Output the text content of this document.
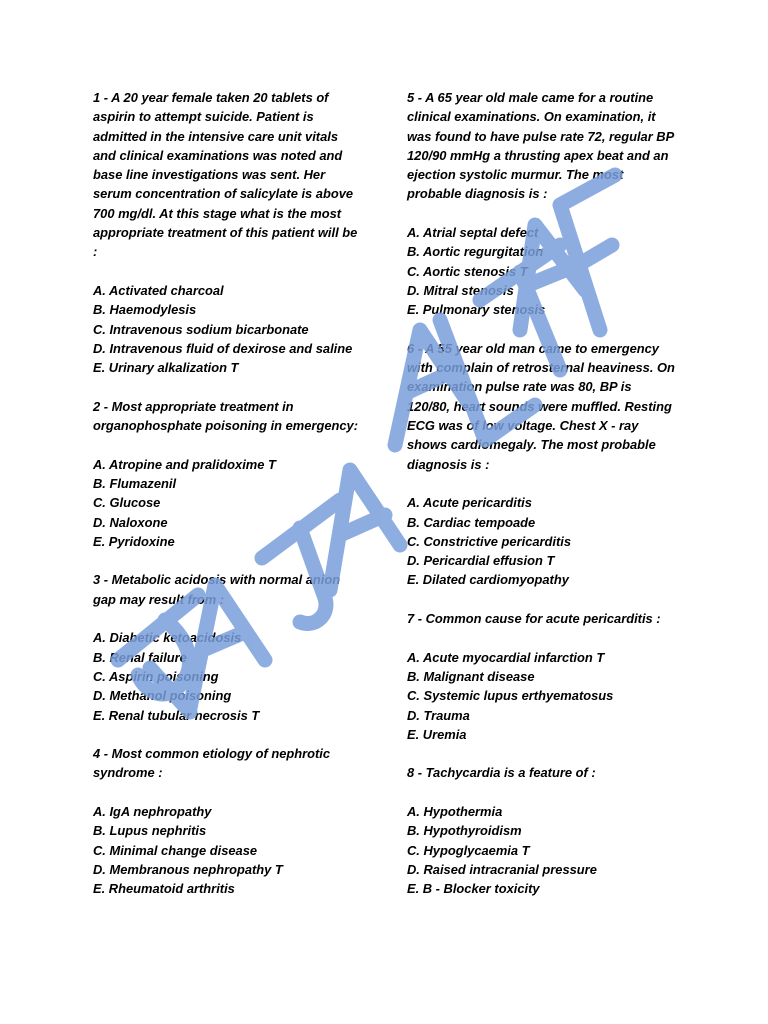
1 - A 20 year female taken 20 tablets of aspirin to attempt suicide. Patient is admitted in the intensive care unit vitals and clinical examinations was noted and base line investigations was sent. Her serum concentration of salicylate is above 700 mg/dl. At this stage what is the most appropriate treatment of this patient will be :

A. Activated charcoal

B. Haemodylesis

C. Intravenous sodium bicarbonate

D. Intravenous fluid of dexirose and saline

E. Urinary alkalization T

2 - Most appropriate treatment in organophosphate poisoning in emergency:

A. Atropine and pralidoxime T

B. Flumazenil

C. Glucose

D. Naloxone

E. Pyridoxine

3 - Metabolic acidosis with normal anion gap may result from :

A. Diabetic ketoacidosis

B. Renal failure

C. Aspirin poisoning

D. Methanol poisoning

E. Renal tubular necrosis T

4 - Most common etiology of nephrotic syndrome :

A. IgA nephropathy

B. Lupus nephritis

C. Minimal change disease

D. Membranous nephropathy T

E. Rheumatoid arthritis

5 - A 65 year old male came for a routine clinical examinations. On examination, it was found to have pulse rate 72, regular BP 120/90 mmHg a thrusting apex beat and an ejection systolic murmur. The most probable diagnosis is :

A. Atrial septal defect

B. Aortic regurgitation

C. Aortic stenosis T

D. Mitral stenosis

E. Pulmonary stenosis

6 - A 55 year old man came to emergency with complain of retrosternal heaviness. On examination pulse rate was 80, BP is 120/80, heart sounds were muffled. Resting ECG was of low voltage. Chest X - ray shows cardiomegaly. The most probable diagnosis is :

A. Acute pericarditis

B. Cardiac tempoade

C. Constrictive pericarditis

D. Pericardial effusion T

E. Dilated cardiomyopathy

7 - Common cause for acute pericarditis :

A. Acute myocardial infarction T

B. Malignant disease

C. Systemic lupus erthyematosus

D. Trauma

E. Uremia

8 - Tachycardia is a feature of :

A. Hypothermia

B. Hypothyroidism

C. Hypoglycaemia T

D. Raised intracranial pressure

E. B - Blocker toxicity
